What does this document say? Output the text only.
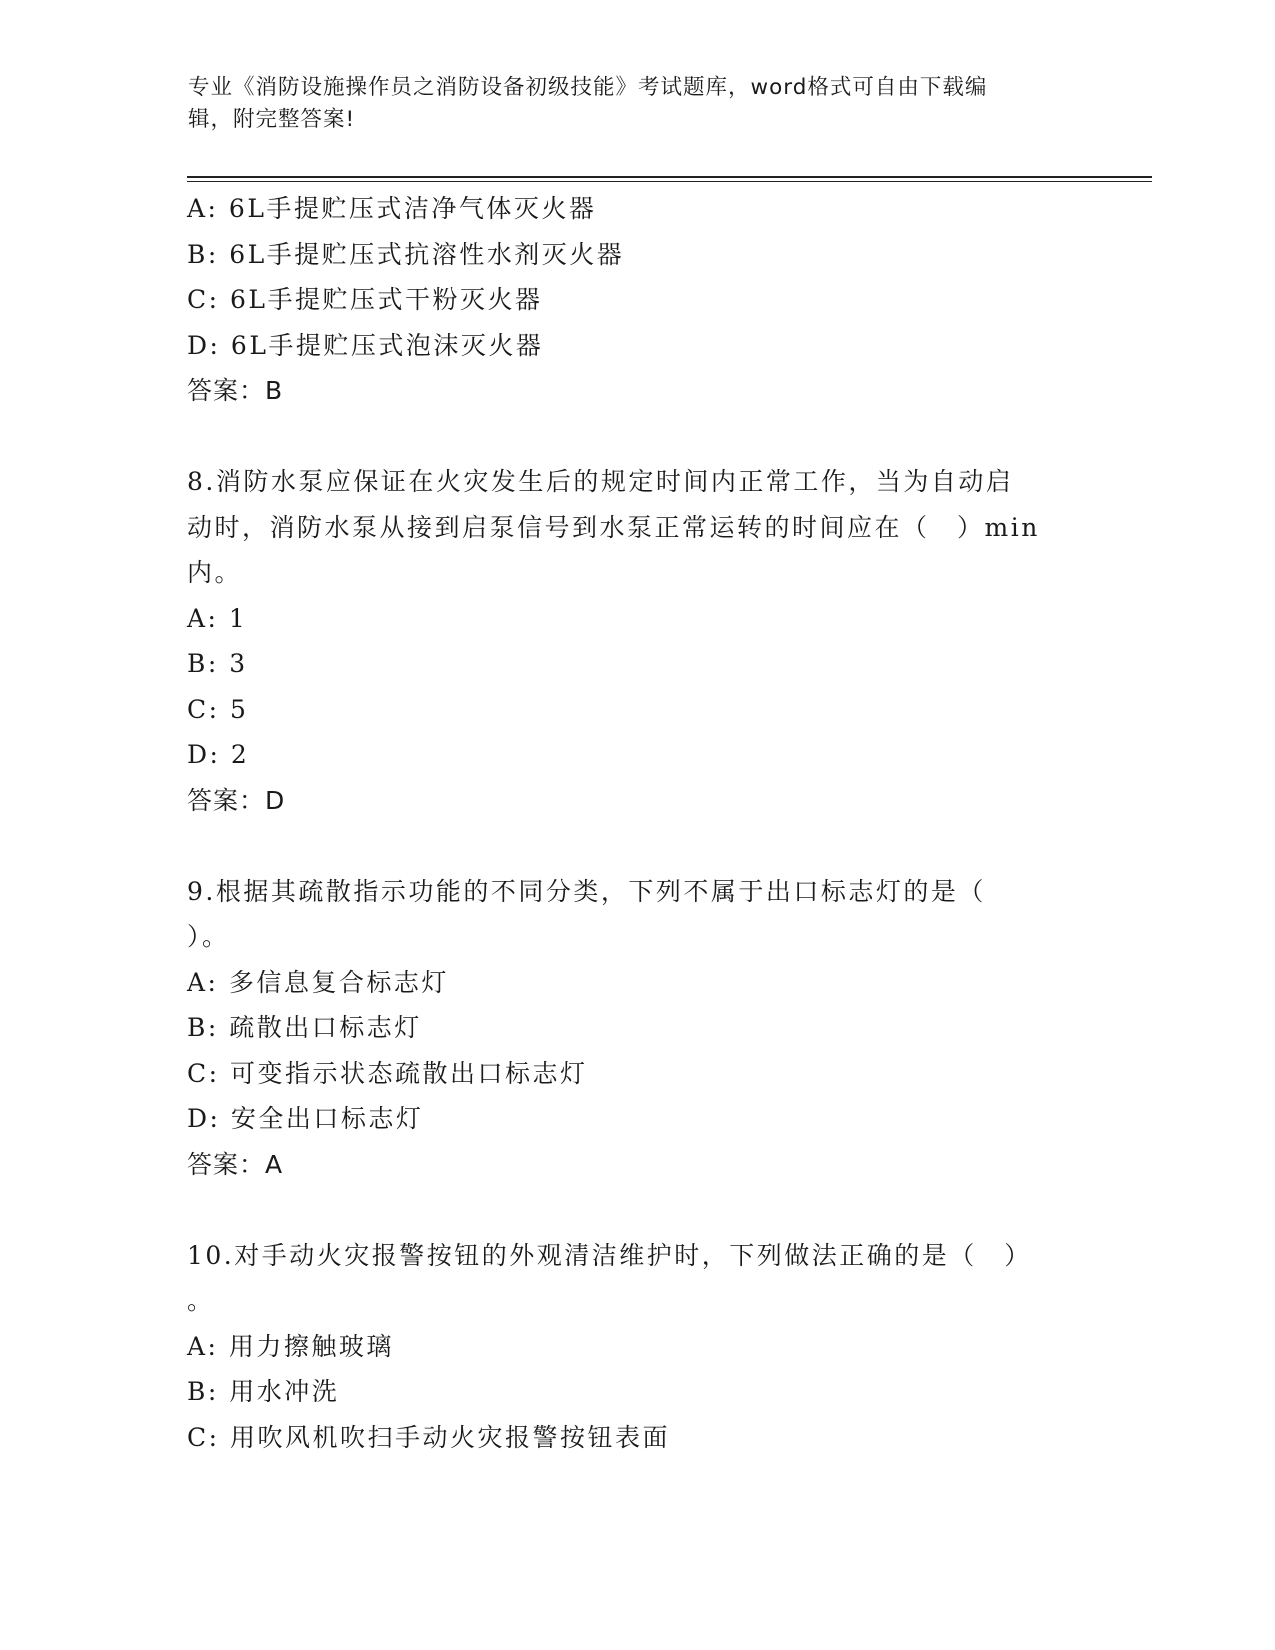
专业《消防设施操作员之消防设备初级技能》考试题库，word格式可自由下载编
辑，附完整答案!
A: 6L手提贮压式洁净气体灭火器
B: 6L手提贮压式抗溶性水剂灭火器
C: 6L手提贮压式干粉灭火器
D: 6L手提贮压式泡沫灭火器
答案：B
8.消防水泵应保证在火灾发生后的规定时间内正常工作，当为自动启
动时，消防水泵从接到启泵信号到水泵正常运转的时间应在（　）min
内。
A: 1
B: 3
C: 5
D: 2
答案：D
9.根据其疏散指示功能的不同分类，下列不属于出口标志灯的是（
）。
A: 多信息复合标志灯
B: 疏散出口标志灯
C: 可变指示状态疏散出口标志灯
D: 安全出口标志灯
答案：A
10.对手动火灾报警按钮的外观清洁维护时，下列做法正确的是（　）
。
A: 用力擦触玻璃
B: 用水冲洗
C: 用吹风机吹扫手动火灾报警按钮表面
